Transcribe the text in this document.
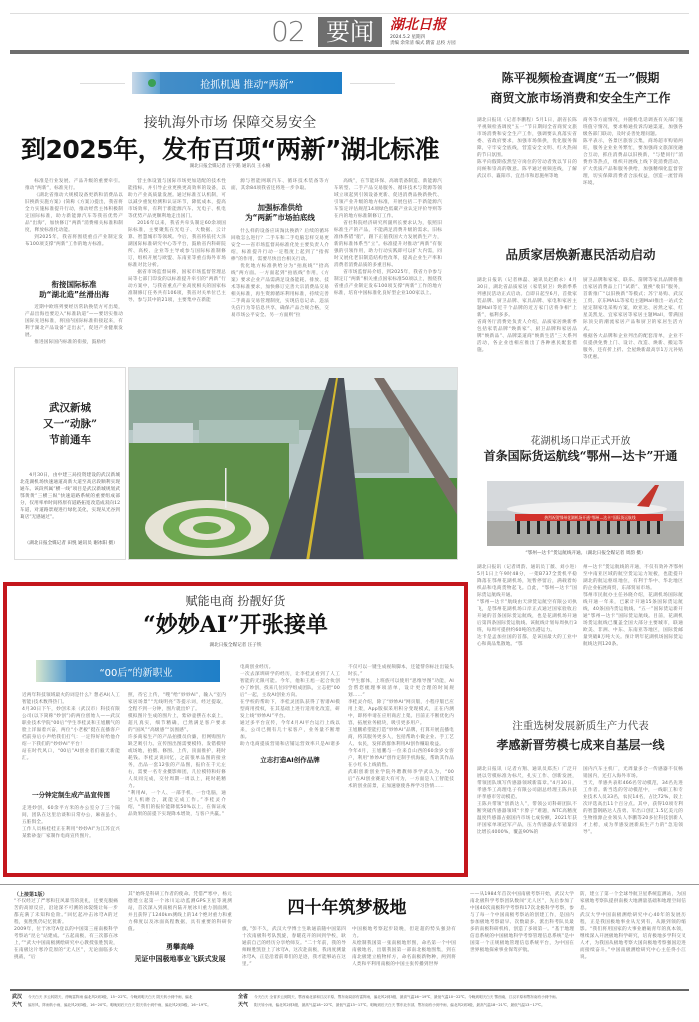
02 要闻	湖北日报
2024.5.2 星期四
责编 余荣清 编式 隋雷 总校 方园
抢抓机遇 推动“两新”
接轨海外市场 保障交易安全
到2025年，发布百项“两新”湖北标准
湖北日报全媒记者 汪字銘 通讯员 王永楠

标准是行业发展、产品升级的重要牵引。推动“两新”，标准先行。

《湖北省推动大规模设备更新和消费品以旧换新实施方案》(简称《方案》)提出，我省将全力实施标准提升行动，推动经营主体积极制定国际标准，助力新能源汽车等我省优势产品“出海”，加快修订“两新”消费相关标准和制度，释放标准化动能。

到2025年，我省将围绕重点产业制定发布100项支撑“两新”工作的地方标准。

衔接国际标准
助“湖北造”丝滑出海

近期中欧班列要经历常轨换装方可出境，产品出海也要迈入“标准轨道”——要切实推动国际先进标准，将国内国际标准衔接起来，有利于湖北产品设备“走出去”，促进产业健康发展。

推进国际国内标准的衔接，鼓励经

营主体设置与国际市场更加适配的技术性能指标，并引导企业更换更高效率的设备，以助力产业高质量发展。通过标准互认机制，可以减少重复检测和认证环节，降低成本，提高市场效率，有利于新能源汽车、光电子、机电等优势产品更顺利地走出国门。

2016年以来，我省共牵头制定60余项国际标准，主要聚焦在光电子、大数据、云计算、智慧城市等领域。今后，我省将依托大泽湖国际标准研究中心等平台，鼓励省内科研院所、高校、企业等主导或参与国际标准制修订，组织开展与欧盟、东南亚等重点海外市场标准对比分析。

据省市场监督局称，国家市场监督管理总局等七部门印发的以标准提升牵引的“两新”行动方案中，与我省重点产业高度相关的国家标准制修订任务共有106项，我省对关单位已主导、参与其中的21项，主要集中在新能

源与智能网联汽车、循环技术装备等方面，其余84项我省还将进一步争取。

加强标准供给
为“两新”市场拍底线

什么样的设备应该淘汰换新？后续的循环回收怎么进行？二手车和二手电脑怎样交易更安全——省市场监督局标准化处主要负责人介绍，标准提升行动一定程度上起到了“指挥棒”的作用，需要尽快出台相关行动。

优化地方标准供给分为“拍底线”“拾高线”两方面。一方面起到“拍底线”作用，《方案》要求企业产品需满足设备能耗、排放、技术等标准要求，加快修订完善大宗消费品交易相关标准，再生资源循环利用标准，持续完善二手商品交易管理制度，实现信息记录、违法失信行为等信息共享，确保产品合规合格，交易市场公平安全。另一方面则“拉

高线”，在节能环保、高端装备制造、新能源汽车转型、二手产品交易服务、循环技术与资源等领域立项起到引领设备更新、促进消费品换新换代、引领产业升级的地方标准，开展包括二手新能源汽车鉴定评估规范14项绿色低碳产业认定评价导则等在内的地方标准制修订工作。

省社科院经济研究所副所长要求认为，依照旧标准生产的产品，不能满足消费升级的需求。旧标准体系错“船”，跟下正值我国大力发展新生产力，新的标准体系当“立”。标准提升对推动“两新”有很强的引领作用，助力行动实践即可以扩大内需，同时又展化老旧制造结构性改革，提高企业生产率和消费者消费品质的多重目标。

省市场监督局介绍，到2025年，我省力争参与制定订“两新”相关重点国家标准50项以上，围绕我省重点产业制定发布100项支撑“两新”工作的地方标准，培育中国标准化良好型企业100家以上。

武汉新城
又一“动脉”
节前通车
4月30日，由中建三局投资建设的武汉新城北花湖机场快速通道高新大道至高店段顺利实现通车。该段所属“横一线”项目是武汉新城规划武鄂黄黄“三横三纵”快速道路系统的重要组成部分，仅用率单时间将原有道路拓宽改造成双向12车道，对道路景观进行绿化美化，实现从光谷到葛店“无感通过”。
（湖北日报全媒记者 田悦 通讯员 谢冰阳 摄）
陈平视频检查调度“五一”假期
商贸文旅市场消费和安全生产工作
湖北日报讯（记者李鹏程）5月1日，副省长陈平视频检查调度“五一”节日期间全省商贸文旅市场消费和安全生产工作，强调要认真落实省委、省政府要求，加强市场保供，优化服务保障，守牢安全底线，营造安全文明、红火热闹的节日氛围。
陈平向假期依然坚守岗位的劳动者致以节日的问候和崇高的敬意。陈平通过视频连线，了解武汉市、襄阳市、宜昌市和恩施州等地
商务等方面情况，并随机电话调查有关部门值班值守情况，要求畅通投诉沟通渠道，加强各级各部门联动，及时妥善处理问题。
陈平表示，各景区旅客云集，商场超市购销两旺，服务企业业务繁忙，要加强商文旅深度融合互动，抓住消费品以旧换新，“与楚同行”消费券等热点，组织开展线上线下促消费活动，扩大优质产品和服务供给，加强精细化监督管理，切实保障消费者合法权益，创造一流营商环境。
品质家居焕新惠民活动启动
湖北日报讯（记者林磊、通讯员赵蔚永）4月30日，湖北省品质家居（家装厨卫）焕新季系列惠民活动正式启动。自即日起至6月，首批家装品牌、厨卫品牌、家具品牌、家电和家居主题Mall等近千个品牌的近万家门店将争相“上新”，福利多多。
省商务厅消费处负责人介绍，品质家居焕新季包括家装品牌“焕新家”、厨卫品牌和家居品牌“焕新品”、品牌渠道商“焕新生活”三大系列活动，各企业也相应推出了各种惠民配套措施。
厨卫品牌和家家、联乐、箭牌等家具品牌将推出家居消费品上门“试新”、置换“收旧”服务，首新推广“以旧换新”等模式；苏宁易购、武汉工贸、京东MALL等家电主题Mall推出一站式全屋定制家电采购方案，欧亚达、居然之家、红星美凯龙、宜家家居等家居主题Mall，带满国际顶尖的潮流家居产品和厨卫的家居生活方式。
根据各大品牌和企业列出的配套清单，企业不仅提供免费上门、设计、改造、焕新、搬运等服务，还有折上折、全屋焕新最高享1万元补贴等优惠。
花湖机场口岸正式开放
首条国际货运航线“鄂州—达卡”开通
热烈祝贺鄂州花湖机场开通“鄂州—达卡”国际货运航线
“鄂州—达卡”货运航线开通。（湖北日报全媒记者 周韵 摄）
湖北日报讯（记者周韵、通讯员丁薇、刘小进）5月1日上午9时48分，一架B737全货机平稳降落在鄂州花湖机场，短暂停留后，满载着纺织品和电商货物起飞。自此，“鄂州—达卡”国际货运航线开通。
“鄂州—达卡”航线由天津货运航空有限公司执飞，是鄂州花湖机场口岸正式通过国家验收后开通的首条国际货运航线，也是花湖机场开通后第四条国际货运航线。该航线计划每周执行3班，每周可提供约60吨的出港运力。
达卡是孟加拉国的首都，是该国最大的工业中心和商品集散地。“鄂
州—达卡”货运航线的开通，不仅有效补齐鄂州至中南亚区域的航空货运运力短板，也能提升湖北的航运枢纽地位，有利于华中、华北地区的企业拓展商贸，东部贸易市场。
鄂州市民航办主任孙晓介绍，花湖机场国际航线开通一年来，已累计开通15条国际货运航线，40条国内货运航线。“五一”国际货运新开通“鄂州—达卡”国际货运航线。目前，花湖机场货运航线已覆盖全国大部分主要城市，联通欧美、非洲、中东、东南亚等地区，国际货邮量突破8万吨大关。预计明年花湖机场国际货运航线达到120条。
注重选树发展新质生产力代表
孝感新晋劳模七成来自基层一线
湖北日报讯（记者方翔、通讯员郑杰）广泛开展以劳模标准为标尺，扎实工作、创新发展，带领团队填写传感器领域新篇章。”4月30日，孝感华工高理电子有限公司副总经理王陈兵获评孝感市劳动模范。
王陈兵带领“创新达人”，带领公司科研团队不断突破传感器领域“卡脖子”难题，NTC高精度温度传感器占据国内市场七成份额，2021年获评国家单项冠军产品，压力传感器去年销量同比增长4000%，覆盖90%的
国内汽车主机厂，光周量多合一传感器不仅畅销国内，还打入海外市场。
当天，孝感共表彰466名劳动模范，34名先进工作者。新当选的劳动模范中，一线职工和专业技术人员33名，农民14名，占比72%，较上次评选高出11个百分点。其中，获得10项专利的智慧钢路达人苗勇、军出口创汇1.5亿美元的生物推源企业领头人李鹏等20多位科技创新人才上榜，成为孝感发展新质生产力的“急迫领导”。
赋能电商 扮靓好货
“妙妙AI”开张接单
湖北日报全媒记者 汪子铁
“00后”的新职业
近两年科技领域最火的词是什么？想必AI(人工智能)技术数得热门。
4月30日下午，妙创未来（武汉市）科技有限公司(以下简称“妙创”)的两位创始人——武汉职业技术学院“00后”学生李桂灵和王旭鹏气的脸上洋溢着兴奋，两位“小老板”挺在直播客户档前身后小声给我们打气：一定得好好给他介绍一下我们的“妙妙AI”平台！
站在时代风口，“00后”AI创业者们毅天新能汇。
一分钟定制生成产品宣传图
走进妙创，60余平方米的办公室分了三个隔间，团队在这里洽谈和日常办公，麻雀虽小，五脏俱全。
工作人员杨桂桂正在利用“妙妙AI”为江苏宜兴某紫砂壶厂家制作电商宣传图片。
照，待它上传，“嗖”给“妙妙AI”，输入“室内家居场景”“光线明亮”等提示词，经过提取，全程不到一分钟，图片就出炉了。
模拟图片生成的图片上，紫砂壶摆在水桌上，超凡真实，细节精确，已然满足客户要求的“国风”“高级感”“氛围感”。
许多商家生产的产品拍摄员价廉，但网购图片缺乏吸引力。宣传图出图需要模特、发错模特或场地，拍摄、修图、上传，顶面推护，耗时耗钱。李桂灵说回忆，之前很单品图的接业务，出品一套12张的产品图，报价在千元左右，需要一名专业摄影师团，几位模特和好修人员同完成，交付周期一周以上，耗时耗精力。
“利用AI，一个人、一部手机、一台电脑，通过人机磨合，就能完成工作。”李桂灵介绍，“我们的报价能降低50%以上，在保证成品效果的前提下实现降本增效，与客户共赢。”
电商创业经历。
一次去深圳研学的经历，让李桂灵看到了人工智能的无限可能。今年，他和王旭一起合伙创办了妙创，找来几位同学组成团队，立志把“00后”一起，主攻AI创业方向。
在学校的帮助下，李桂灵团队获得了智谱AI模型商用授权，在其基础上进行适用化改造，研发上线“妙妙AI”平台。
通过多平台宣传，今年4月AI平台运行上线以来，公司已拥有几十家客户，业务量不断增加。
助力电商提质营销和店铺运营效率只是AI诸多

立志打造AI创作品牌
不仅可以一键生成视频脚本，还能帮你标注出镜头时长。”
“学生群体，上班族可以使用“思维导图”功能，AI会帮您梳理事项清单，设计更合理的时间规划……”
李桂灵介绍，除了“妙妙AI”网页版，小程序版已应用上架，App版拟采用积分变现模式，正在内测中，即将申请在应用商店上架。目前正不断优化内容，拓展业务板块，吸引更多用户。
王旭鹏希望能打造“妙妙AI”品牌，打算开展直播电商，将其服务更多人，包括帮助小微企业、手工艺人、农民，发挥新群体利用AI创作赚取收益。
今年4月，王旭鹏与一位来自山西的60余岁女客户，利用“妙妙AI”创作定制手机海报，帮助其作品在小红书上线销售。
武职创新创业学院外聘教师李学武认为，“00后”在AI创业赛道大有可为，一方面是人工智能技术的创业前景，正加速驱使各界学习热情……
（上接第1版）
“不仅经过了严寒和狂风暴雪的洗礼，还要克服痛苦的高原反应，沿途深不可测的冰裂缝让每一步都充满了未知和危险。”回忆起冲击冰穹A的过程，张胜凯仍记忆犹新。
2009年，位于冰穹A登以的中国第三座南极科学考察站“昆仑”站建成。“五起南极，有三次都在冰上，”“武大中国南极测绘研究中心教授张胜凯说，在南极这片寒冷荒原的“无人区”，无论面临多大挑战，“后
其”始终是科研工作者的使命。凭借严寒中，杨元德建立起第一个冰川运动监测GPS卫星等观测站，首次深入到南极内陆开展冰川重力剖面测，并且获得了1240km测线上的14个绝对重力和重力梯度以及冰面高程数据，具有重要的科研价值。

勇攀高峰
见证中国极地事业飞跃式发展
四十年筑梦极地
旗，”彭不久，武汉大学博士生耿通前随中国第四十次南极科考队凯旋，春暖花开的回到学校，耿通前自己的经历分享给师友。“二十年前，我的导师顾胜凯登上了冰穹A，这次赴南极，我再度测量冰穹A，正是沿着前辈们的足迹，我才能够站在这里。”
中国极地考察起步较晚，但赶超的势头强劲有力。
从绘制我国第一张南极地形图，命名第一个中国南极地名，出版我国第一部南北极地图集，到在南北极建立植物样方，命名南极新物种，两到将人类和平利用南极的中国主张传播到世界
——从1984年首次中国南极考察开始，武汉大学南北极科学考察团队数闯“无人区”，先后参加了中国40次南极科学考察和17次北极科学考察，参与了每一个中国南极考察站的创建工作，是国内参加极地考察最早、次数最多、派出科考队员最多的南极科研机构，创造了多项第一。“基于地理信息系统的中国极地科学考察管理信息系统”是中国第一个正规极地管理信息系统平台，为中国在世界极地探索事业保驾护航。
防，建立了第一个全球导航卫星系统监测站，为国家极地考察队提供南极大地测量基础和地理空间信息。
武汉大学中国南极测绘研究中心40年的发展历程，正是我国极地事业从无到有，从跟到领的缩影。“我们将用国家的大事业磨砺青年的真本领，继续深入开展极地科学研究，培育极地多学科交叉人才，为我国从极地考察大国向极地考察强国迈进而接续奋斗。”中国南极测绘研究中心主任佟小江说。
武汉
天气
今天白天 多云转阴天，傍晚雷阵雨 偏北风2到3级，15~22℃。今晚到明天白天 阴天转小到中雨，偏北
偏东风，阵雨转小雨，偏北风2到3级，16~20℃。明晚到后天白天 阴天转小到中雨，偏北风2到3级，16~19℃。
全省
天气
今天白天 全省多云到阴天，鄂西南北部和江汉平原，鄂东南局部有雷阵雨，偏北风2到3级，最高气温16~19℃，最低气温10~22℃。今晚到明天白天 鄂西南，江汉平原和鄂东南有小到中雨。
阴天转小雨，偏北风2到3级，最高气温18~22℃，最低气温13~17℃。明晚到后天白天 鄂东北东部，鄂东南有小到中雨，偏北风2到3级，最高气温18~21℃，最低气温13~17℃。
